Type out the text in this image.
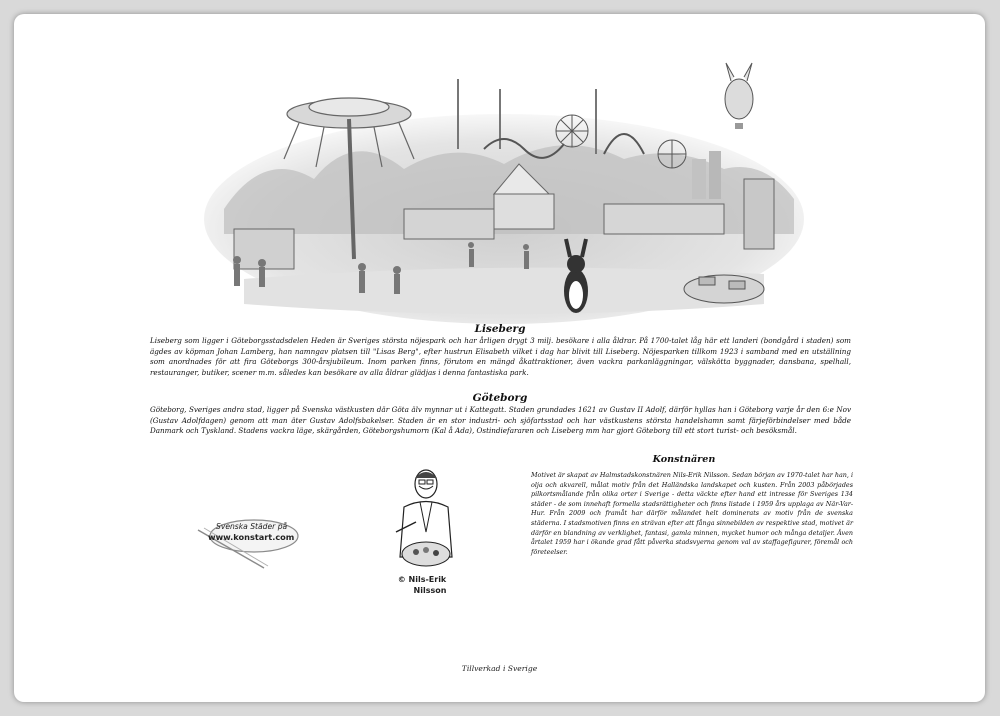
Liseberg

Liseberg som ligger i Göteborgsstadsdelen Heden är Sveriges största nöjespark och har årligen drygt 3 milj. besökare i alla åldrar. På 1700-talet låg här ett landeri (bondgård i staden) som ägdes av köpman Johan Lamberg, han namngav platsen till "Lisas Berg", efter hustrun Elisabeth vilket i dag har blivit till Liseberg. Nöjesparken tillkom 1923 i samband med en utställning som anordnades för att fira Göteborgs 300-årsjubileum. Inom parken finns, förutom en mängd åkattraktioner, även vackra parkanläggningar, välskötta byggnader, dansbana, spelhall, restauranger, butiker, scener m.m. således kan besökare av alla åldrar glädjas i denna fantastiska park.

Göteborg

Göteborg, Sveriges andra stad, ligger på Svenska västkusten där Göta älv mynnar ut i Kattegatt. Staden grundades 1621 av Gustav II Adolf, därför hyllas han i Göteborg varje år den 6:e Nov (Gustav Adolfdagen) genom att man äter Gustav Adolfsbakelser. Staden är en stor industri- och sjöfartsstad och har västkustens största handelshamn samt färjeförbindelser med både Danmark och Tyskland. Stadens vackra läge, skärgården, Göteborgshumorn (Kal å Ada), Ostindiefararen och Liseberg mm har gjort Göteborg till ett stort turist- och besöksmål.

Konstnären

Motivet är skapat av Halmstadskonstnären Nils-Erik Nilsson. Sedan början av 1970-talet har han, i olja och akvarell, målat motiv från det Halländska landskapet och kusten. Från 2003 påbörjades pilkortsmålande från olika orter i Sverige - detta väckte efter hand ett intresse för Sveriges 134 städer - de som innehaft formella stadsrättigheter och finns listade i 1959 års upplaga av När-Var-Hur. Från 2009 och framåt har därför målandet helt dominerats av motiv från de svenska städerna. I stadsmotiven finns en strävan efter att fånga sinnebilden av respektive stad, motivet är därför en blandning av verklighet, fantasi, gamla minnen, mycket humor och många detaljer. Även årtalet 1959 har i ökande grad fått påverka stadsvyerna genom val av staffagefigurer, föremål och företeelser.

Svenska Städer på
www.konstart.com
© Nils-Erik
Nilsson
Tillverkad i Sverige
